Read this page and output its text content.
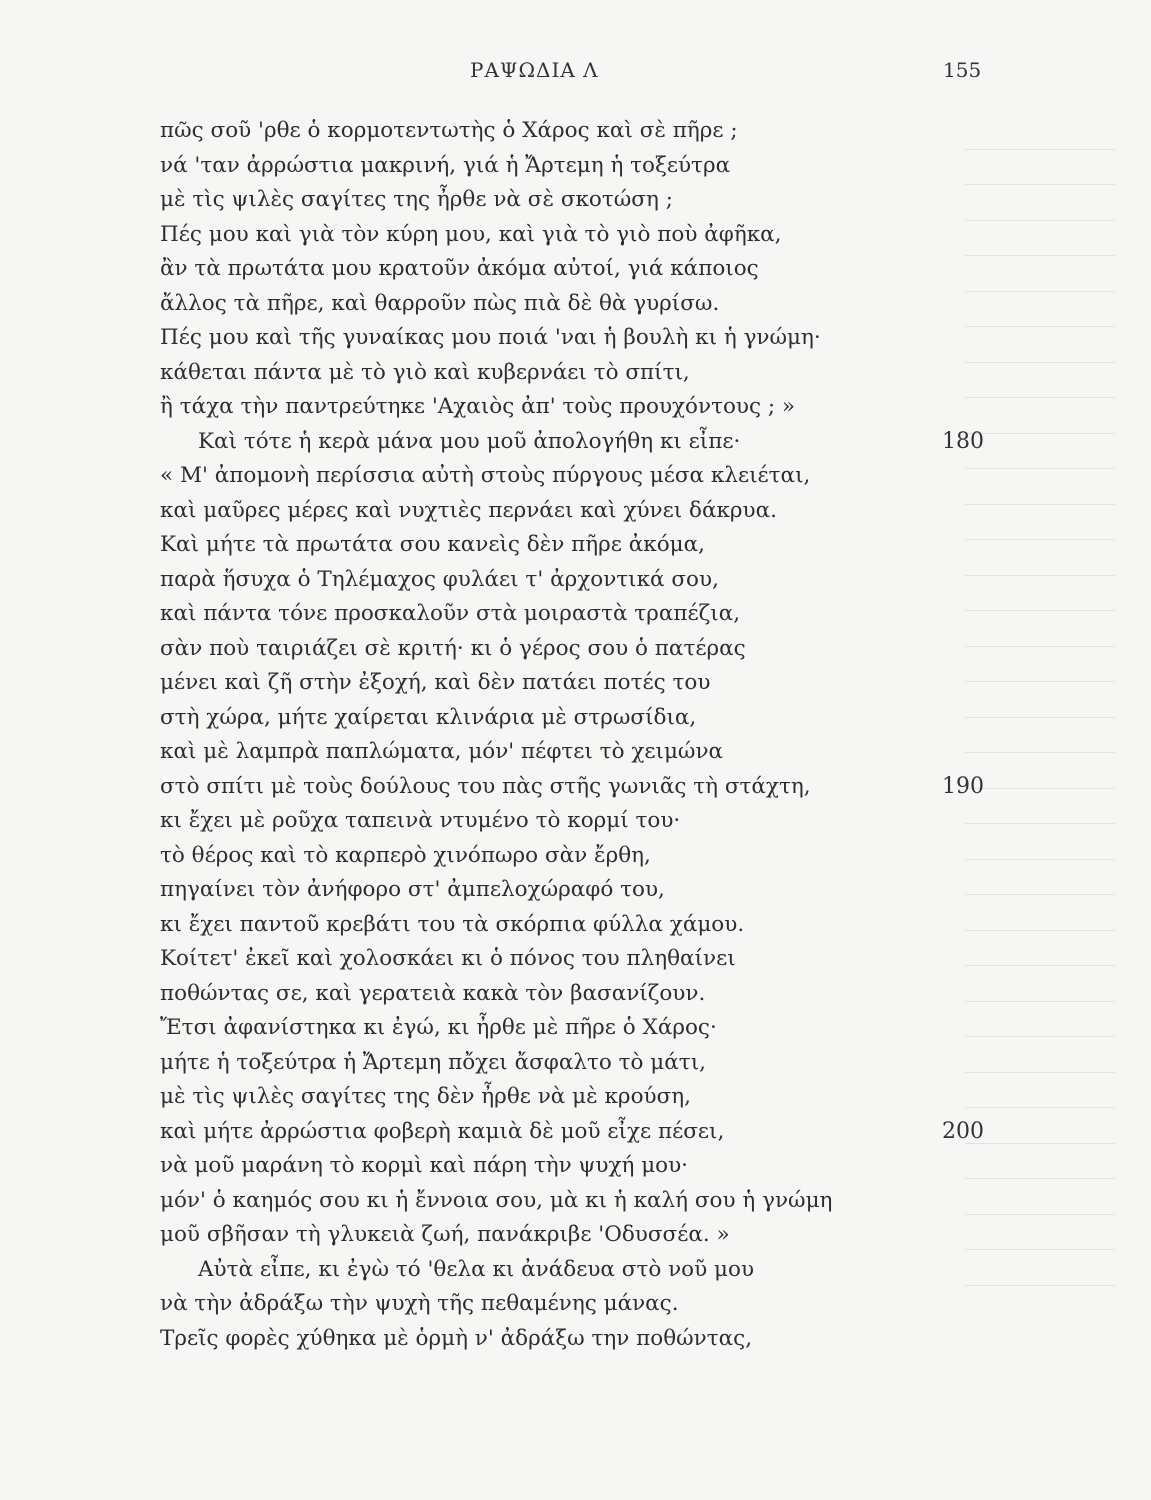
ΡΑΨΩΔΙΑ Λ	155
πῶς σοῦ 'ρθε ὁ κορμοτεντωτὴς ὁ Χάρος καὶ σὲ πῆρε ;
νά 'ταν ἀρρώστια μακρινή, γιά ἡ Ἄρτεμη ἡ τοξεύτρα
μὲ τὶς ψιλὲς σαγίτες της ἦρθε νὰ σὲ σκοτώση ;
Πές μου καὶ γιὰ τὸν κύρη μου, καὶ γιὰ τὸ γιὸ ποὺ ἀφῆκα,
ἂν τὰ πρωτάτα μου κρατοῦν ἀκόμα αὐτοί, γιά κάποιος
ἄλλος τὰ πῆρε, καὶ θαρροῦν πὼς πιὰ δὲ θὰ γυρίσω.
Πές μου καὶ τῆς γυναίκας μου ποιά 'ναι ἡ βουλὴ κι ἡ γνώμη·
κάθεται πάντα μὲ τὸ γιὸ καὶ κυβερνάει τὸ σπίτι,
ἢ τάχα τὴν παντρεύτηκε 'Αχαιὸς ἀπ' τοὺς προυχόντους ; »
Καὶ τότε ἡ κερὰ μάνα μου μοῦ ἀπολογήθη κι εἶπε·	180
« Μ' ἀπομονὴ περίσσια αὐτὴ στοὺς πύργους μέσα κλειέται,
καὶ μαῦρες μέρες καὶ νυχτιὲς περνάει καὶ χύνει δάκρυα.
Καὶ μήτε τὰ πρωτάτα σου κανεὶς δὲν πῆρε ἀκόμα,
παρὰ ἥσυχα ὁ Τηλέμαχος φυλάει τ' ἀρχοντικά σου,
καὶ πάντα τόνε προσκαλοῦν στὰ μοιραστὰ τραπέζια,
σὰν ποὺ ταιριάζει σὲ κριτή· κι ὁ γέρος σου ὁ πατέρας
μένει καὶ ζῆ στὴν ἐξοχή, καὶ δὲν πατάει ποτές του
στὴ χώρα, μήτε χαίρεται κλινάρια μὲ στρωσίδια,
καὶ μὲ λαμπρὰ παπλώματα, μόν' πέφτει τὸ χειμώνα
στὸ σπίτι μὲ τοὺς δούλους του πὰς στῆς γωνιᾶς τὴ στάχτη,	190
κι ἔχει μὲ ροῦχα ταπεινὰ ντυμένο τὸ κορμί του·
τὸ θέρος καὶ τὸ καρπερὸ χινόπωρο σὰν ἔρθη,
πηγαίνει τὸν ἀνήφορο στ' ἀμπελοχώραφό του,
κι ἔχει παντοῦ κρεβάτι του τὰ σκόρπια φύλλα χάμου.
Κοίτετ' ἐκεῖ καὶ χολοσκάει κι ὁ πόνος του πληθαίνει
ποθώντας σε, καὶ γερατειὰ κακὰ τὸν βασανίζουν.
Ἔτσι ἀφανίστηκα κι ἐγώ, κι ἦρθε μὲ πῆρε ὁ Χάρος·
μήτε ἡ τοξεύτρα ἡ Ἄρτεμη πὄχει ἄσφαλτο τὸ μάτι,
μὲ τὶς ψιλὲς σαγίτες της δὲν ἦρθε νὰ μὲ κρούση,
καὶ μήτε ἀρρώστια φοβερὴ καμιὰ δὲ μοῦ εἶχε πέσει,	200
νὰ μοῦ μαράνη τὸ κορμὶ καὶ πάρη τὴν ψυχή μου·
μόν' ὁ καημός σου κι ἡ ἔννοια σου, μὰ κι ἡ καλή σου ἡ γνώμη
μοῦ σβῆσαν τὴ γλυκειὰ ζωή, πανάκριβε 'Οδυσσέα. »
Αὐτὰ εἶπε, κι ἐγὼ τό 'θελα κι ἀνάδευα στὸ νοῦ μου
νὰ τὴν ἀδράξω τὴν ψυχὴ τῆς πεθαμένης μάνας.
Τρεῖς φορὲς χύθηκα μὲ ὁρμὴ ν' ἀδράξω την ποθώντας,
